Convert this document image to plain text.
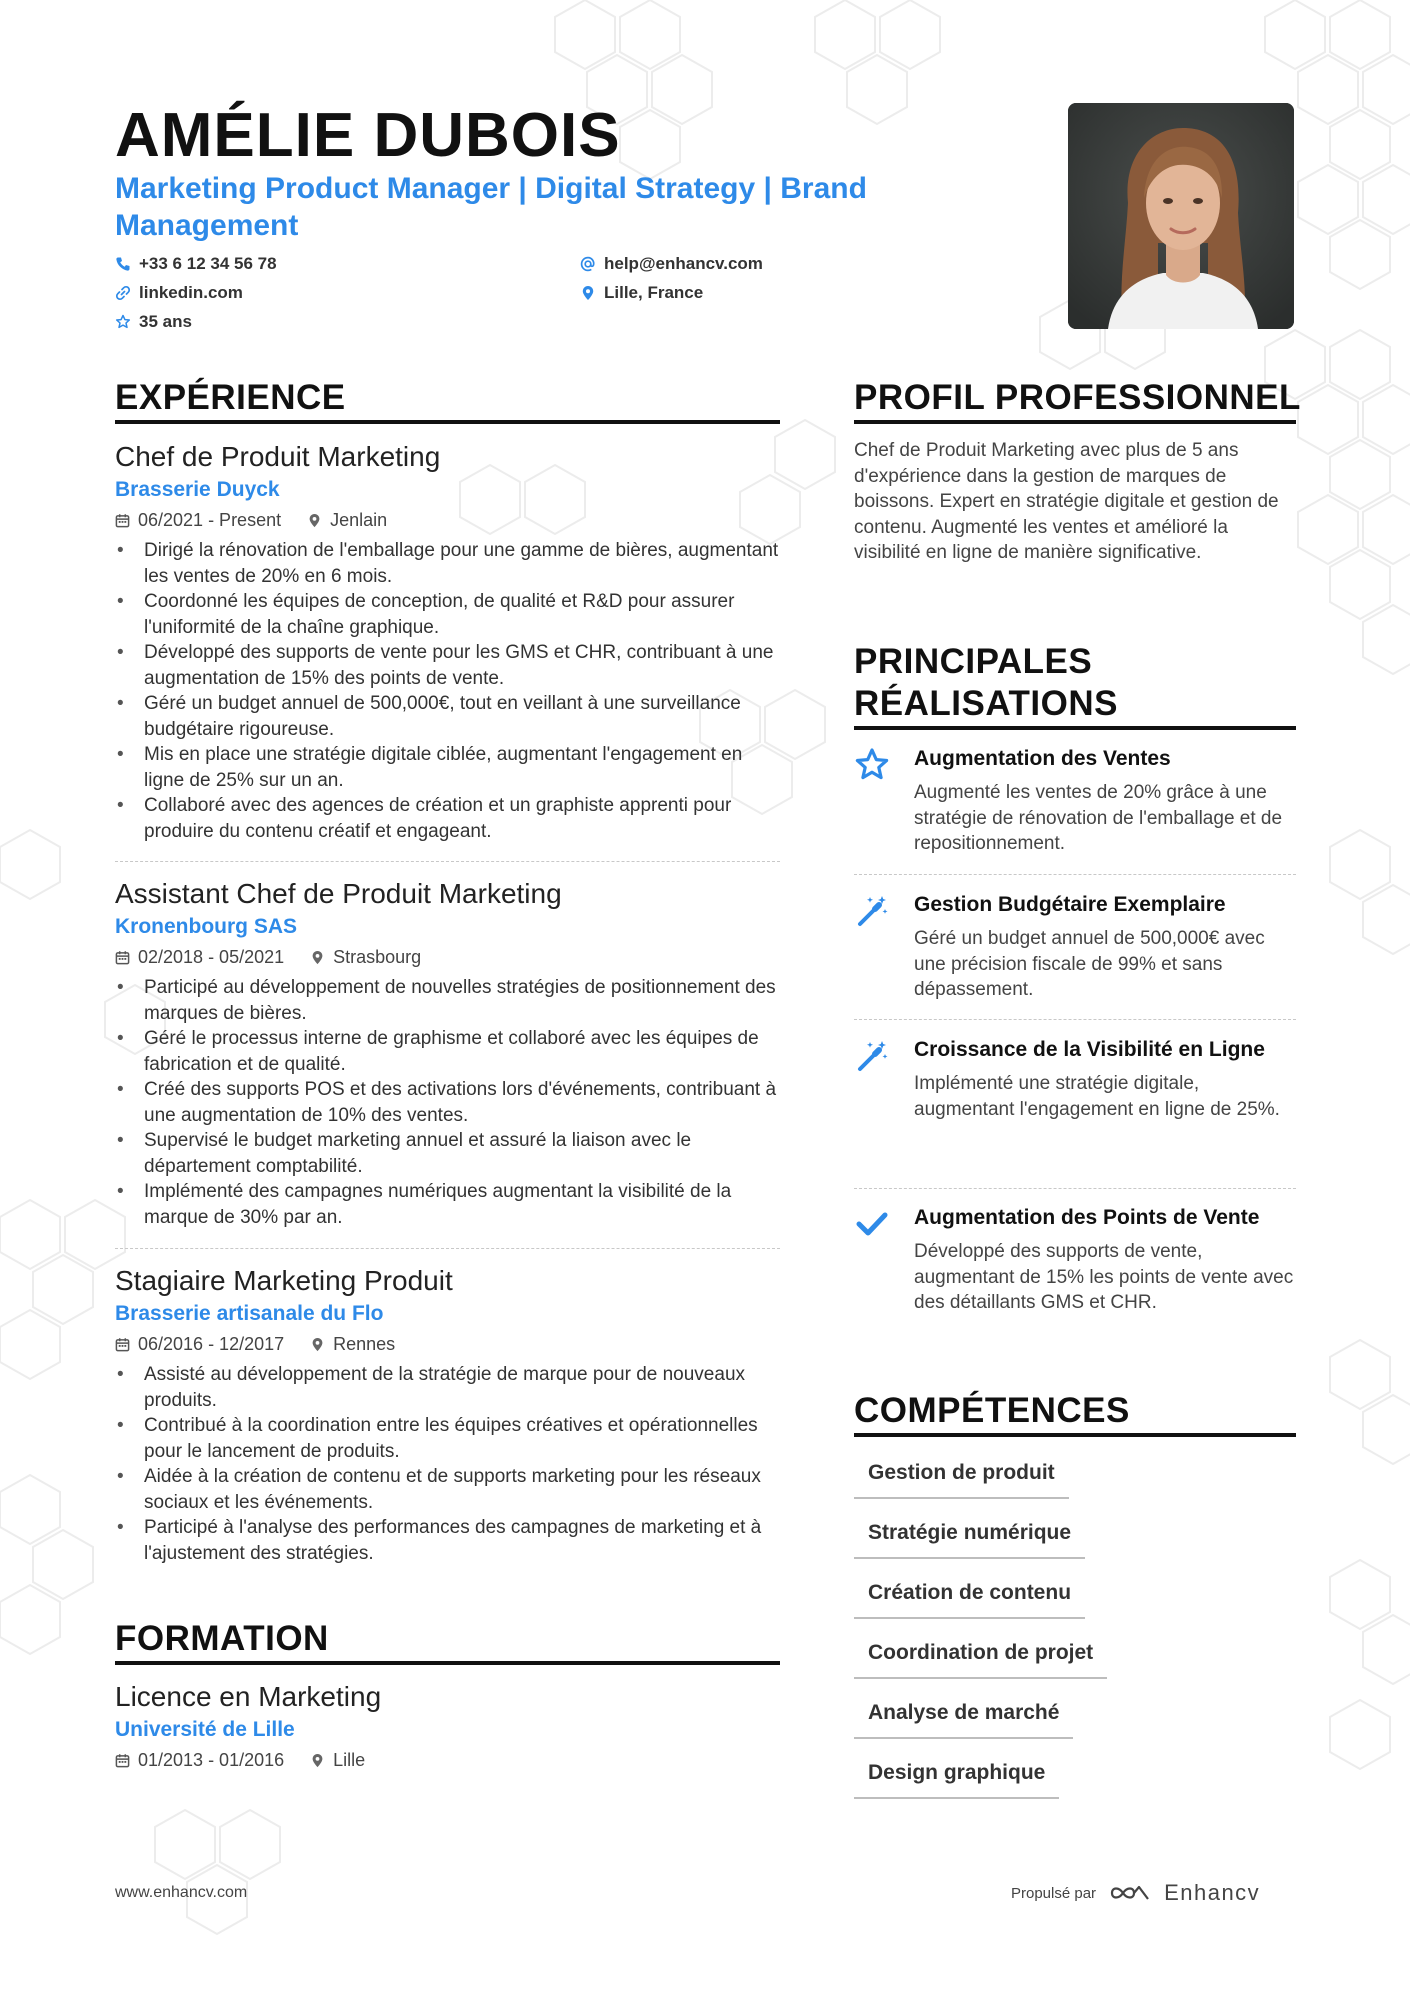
AMÉLIE DUBOIS
Marketing Product Manager | Digital Strategy | Brand Management
+33 6 12 34 56 78	help@enhancv.com
linkedin.com	Lille, France
35 ans
EXPÉRIENCE
Chef de Produit Marketing
Brasserie Duyck
06/2021 - Present	Jenlain
• Dirigé la rénovation de l'emballage pour une gamme de bières, augmentant les ventes de 20% en 6 mois.
• Coordonné les équipes de conception, de qualité et R&D pour assurer l'uniformité de la chaîne graphique.
• Développé des supports de vente pour les GMS et CHR, contribuant à une augmentation de 15% des points de vente.
• Géré un budget annuel de 500,000€, tout en veillant à une surveillance budgétaire rigoureuse.
• Mis en place une stratégie digitale ciblée, augmentant l'engagement en ligne de 25% sur un an.
• Collaboré avec des agences de création et un graphiste apprenti pour produire du contenu créatif et engageant.
Assistant Chef de Produit Marketing
Kronenbourg SAS
02/2018 - 05/2021	Strasbourg
• Participé au développement de nouvelles stratégies de positionnement des marques de bières.
• Géré le processus interne de graphisme et collaboré avec les équipes de fabrication et de qualité.
• Créé des supports POS et des activations lors d'événements, contribuant à une augmentation de 10% des ventes.
• Supervisé le budget marketing annuel et assuré la liaison avec le département comptabilité.
• Implémenté des campagnes numériques augmentant la visibilité de la marque de 30% par an.
Stagiaire Marketing Produit
Brasserie artisanale du Flo
06/2016 - 12/2017	Rennes
• Assisté au développement de la stratégie de marque pour de nouveaux produits.
• Contribué à la coordination entre les équipes créatives et opérationnelles pour le lancement de produits.
• Aidée à la création de contenu et de supports marketing pour les réseaux sociaux et les événements.
• Participé à l'analyse des performances des campagnes de marketing et à l'ajustement des stratégies.
FORMATION
Licence en Marketing
Université de Lille
01/2013 - 01/2016	Lille
PROFIL PROFESSIONNEL
Chef de Produit Marketing avec plus de 5 ans d'expérience dans la gestion de marques de boissons. Expert en stratégie digitale et gestion de contenu. Augmenté les ventes et amélioré la visibilité en ligne de manière significative.
PRINCIPALES
RÉALISATIONS
Augmentation des Ventes
Augmenté les ventes de 20% grâce à une stratégie de rénovation de l'emballage et de repositionnement.
Gestion Budgétaire Exemplaire
Géré un budget annuel de 500,000€ avec une précision fiscale de 99% et sans dépassement.
Croissance de la Visibilité en Ligne
Implémenté une stratégie digitale, augmentant l'engagement en ligne de 25%.
Augmentation des Points de Vente
Développé des supports de vente, augmentant de 15% les points de vente avec des détaillants GMS et CHR.
COMPÉTENCES
Gestion de produit
Stratégie numérique
Création de contenu
Coordination de projet
Analyse de marché
Design graphique
www.enhancv.com	Propulsé par	Enhancv
